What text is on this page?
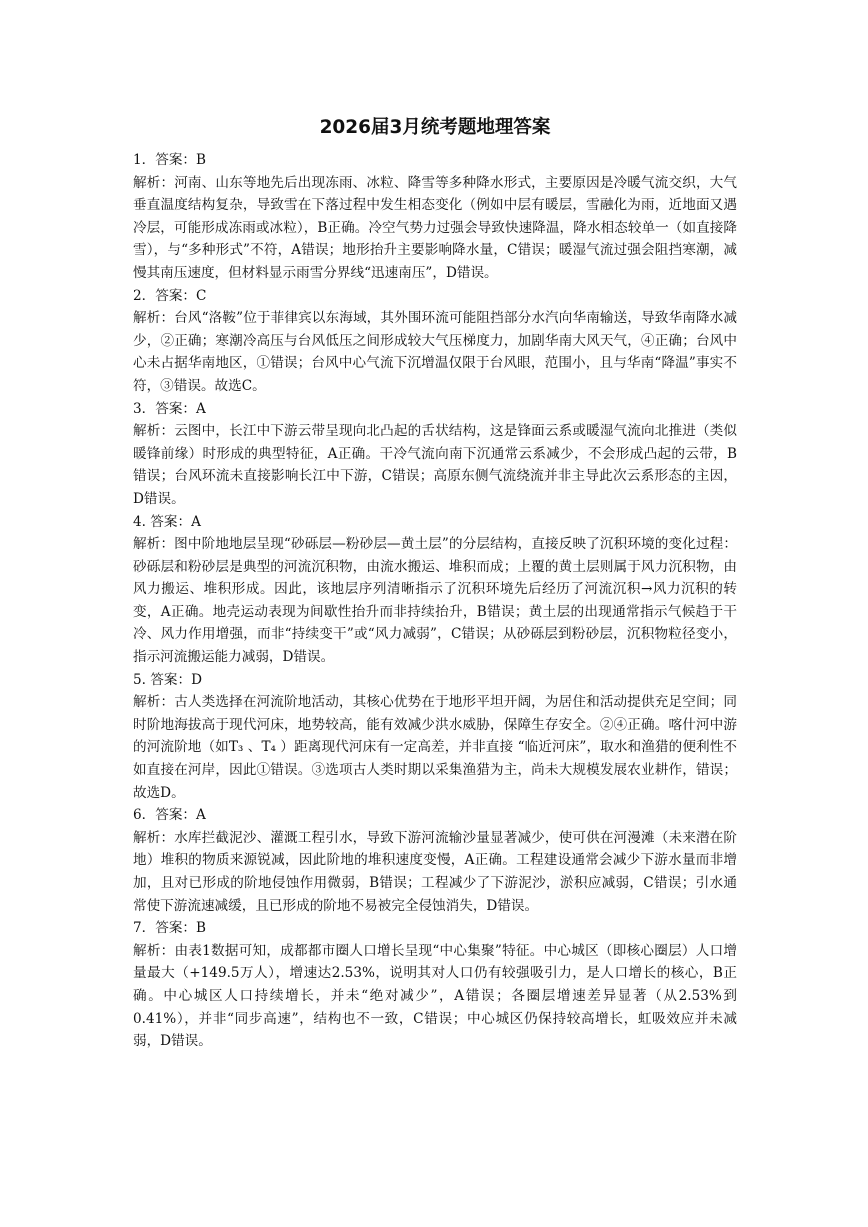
2026届3月统考题地理答案
1．答案：B
解析：河南、山东等地先后出现冻雨、冰粒、降雪等多种降水形式，主要原因是冷暖气流交织，大气垂直温度结构复杂，导致雪在下落过程中发生相态变化（例如中层有暖层，雪融化为雨，近地面又遇冷层，可能形成冻雨或冰粒），B正确。冷空气势力过强会导致快速降温，降水相态较单一（如直接降雪），与“多种形式”不符，A错误；地形抬升主要影响降水量，C错误；暖湿气流过强会阻挡寒潮，减慢其南压速度，但材料显示雨雪分界线“迅速南压”，D错误。
2．答案：C
解析：台风“洛鞍”位于菲律宾以东海域，其外围环流可能阻挡部分水汽向华南输送，导致华南降水减少，②正确；寒潮冷高压与台风低压之间形成较大气压梯度力，加剧华南大风天气，④正确；台风中心未占据华南地区，①错误；台风中心气流下沉增温仅限于台风眼，范围小，且与华南“降温”事实不符，③错误。故选C。
3．答案：A
解析：云图中，长江中下游云带呈现向北凸起的舌状结构，这是锋面云系或暖湿气流向北推进（类似暖锋前缘）时形成的典型特征，A正确。干冷气流向南下沉通常云系减少，不会形成凸起的云带，B错误；台风环流未直接影响长江中下游，C错误；高原东侧气流绕流并非主导此次云系形态的主因，D错误。
4. 答案：A
解析：图中阶地地层呈现“砂砾层—粉砂层—黄土层”的分层结构，直接反映了沉积环境的变化过程：砂砾层和粉砂层是典型的河流沉积物，由流水搬运、堆积而成；上覆的黄土层则属于风力沉积物，由风力搬运、堆积形成。因此，该地层序列清晰指示了沉积环境先后经历了河流沉积→风力沉积的转变，A正确。地壳运动表现为间歇性抬升而非持续抬升，B错误；黄土层的出现通常指示气候趋于干冷、风力作用增强，而非“持续变干”或“风力减弱”，C错误；从砂砾层到粉砂层，沉积物粒径变小，指示河流搬运能力减弱，D错误。
5. 答案：D
解析：古人类选择在河流阶地活动，其核心优势在于地形平坦开阔，为居住和活动提供充足空间；同时阶地海拔高于现代河床，地势较高，能有效减少洪水威胁，保障生存安全。②④正确。喀什河中游的河流阶地（如T₃ 、T₄ ）距离现代河床有一定高差，并非直接 “临近河床”，取水和渔猎的便利性不如直接在河岸，因此①错误。③选项古人类时期以采集渔猎为主，尚未大规模发展农业耕作，错误；故选D。
6．答案：A
解析：水库拦截泥沙、灌溉工程引水，导致下游河流输沙量显著减少，使可供在河漫滩（未来潜在阶地）堆积的物质来源锐减，因此阶地的堆积速度变慢，A正确。工程建设通常会减少下游水量而非增加，且对已形成的阶地侵蚀作用微弱，B错误；工程减少了下游泥沙，淤积应减弱，C错误；引水通常使下游流速减缓，且已形成的阶地不易被完全侵蚀消失，D错误。
7．答案：B
解析：由表1数据可知，成都都市圈人口增长呈现“中心集聚”特征。中心城区（即核心圈层）人口增量最大（+149.5万人），增速达2.53%，说明其对人口仍有较强吸引力，是人口增长的核心，B正确。中心城区人口持续增长，并未“绝对减少”，A错误；各圈层增速差异显著（从2.53%到0.41%），并非“同步高速”，结构也不一致，C错误；中心城区仍保持较高增长，虹吸效应并未减弱，D错误。
